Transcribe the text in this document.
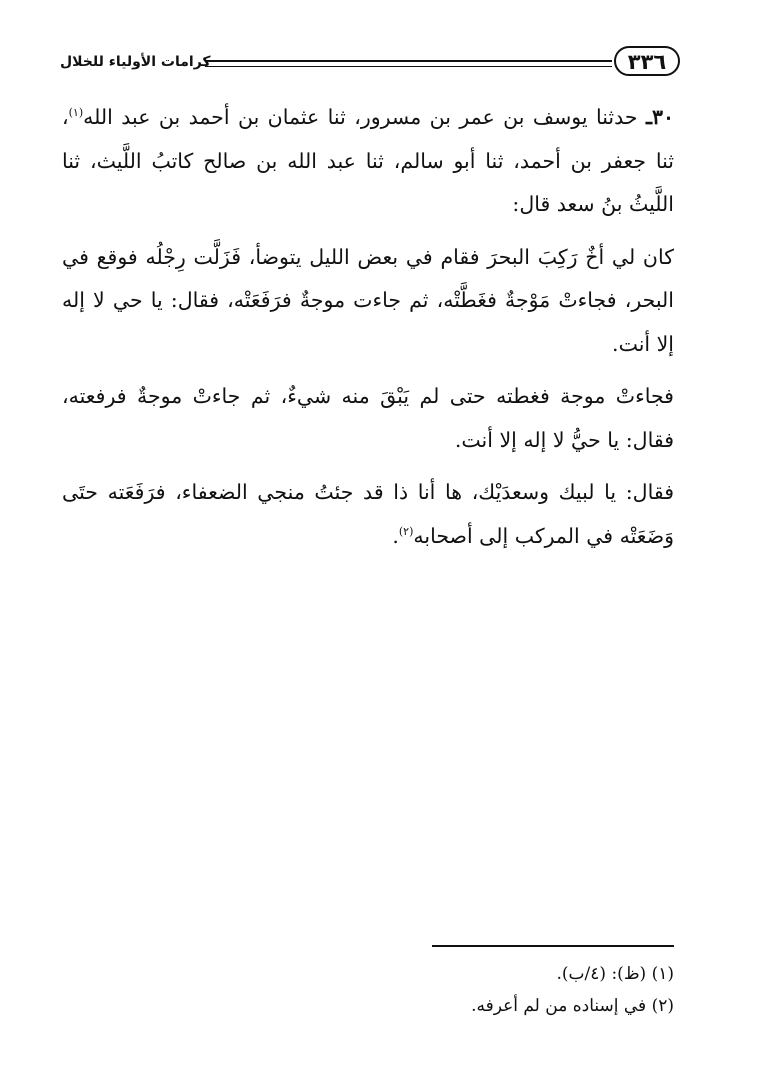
كرامات الأولياء للخلال	٣٣٦

٣٠ـ حدثنا يوسف بن عمر بن مسرور، ثنا عثمان بن أحمد بن عبد الله$^{(١)}$، ثنا جعفر بن أحمد، ثنا أبو سالم، ثنا عبد الله بن صالح كاتبُ اللَّيث، ثنا اللَّيثُ بنُ سعد قال:

كان لي أخٌ رَكِبَ البحرَ فقام في بعض الليل يتوضأ، فَزَلَّت رِجْلُه فوقع في البحر، فجاءتْ مَوْجةٌ فغَطَّتْه، ثم جاءت موجةٌ فرَفَعَتْه، فقال: يا حي لا إله إلا أنت.

فجاءتْ موجة فغطته حتى لم يَبْقَ منه شيءٌ، ثم جاءتْ موجةٌ فرفعته، فقال: يا حيُّ لا إله إلا أنت.

فقال: يا لبيك وسعدَيْك، ها أنا ذا قد جئتُ منجي الضعفاء، فرَفَعَته حتَى وَضَعَتْه في المركب إلى أصحابه$^{(٢)}$.

(١) (ظ): (٤/ب).
(٢) في إسناده من لم أعرفه.
